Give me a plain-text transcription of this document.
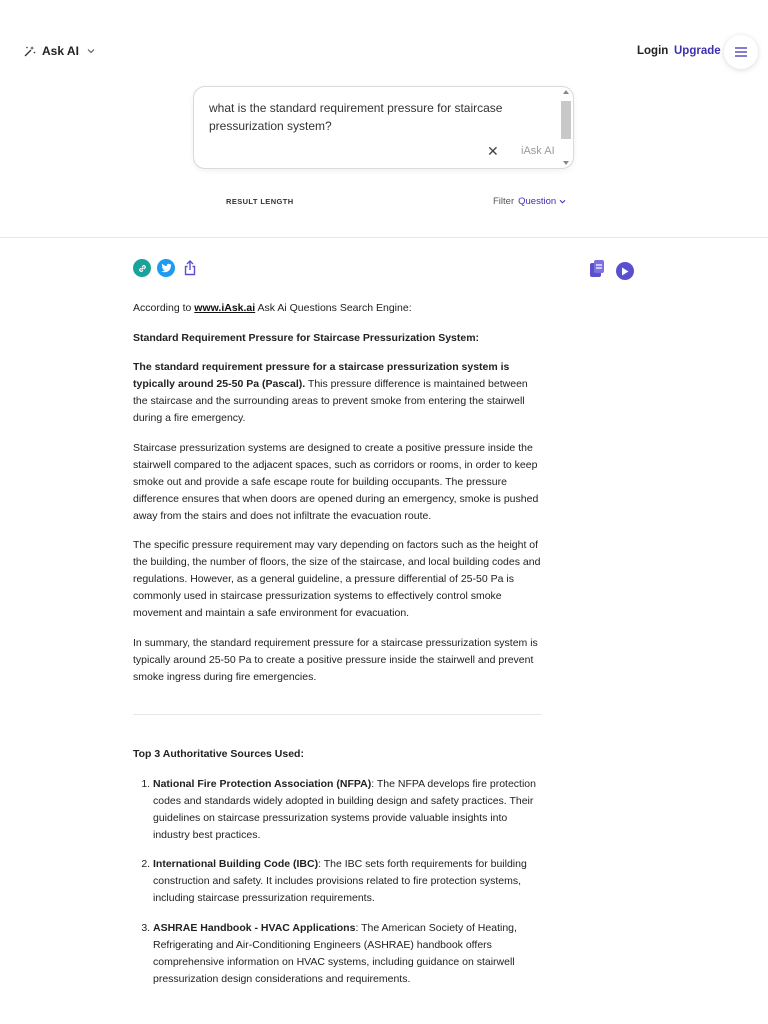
Ask AI	Login Upgrade
what is the standard requirement pressure for staircase pressurization system?
✕ iAsk AI
RESULT LENGTH	Filter Question

According to www.iAsk.ai Ask Ai Questions Search Engine:

Standard Requirement Pressure for Staircase Pressurization System:

The standard requirement pressure for a staircase pressurization system is typically around 25-50 Pa (Pascal). This pressure difference is maintained between the staircase and the surrounding areas to prevent smoke from entering the stairwell during a fire emergency.

Staircase pressurization systems are designed to create a positive pressure inside the stairwell compared to the adjacent spaces, such as corridors or rooms, in order to keep smoke out and provide a safe escape route for building occupants. The pressure difference ensures that when doors are opened during an emergency, smoke is pushed away from the stairs and does not infiltrate the evacuation route.

The specific pressure requirement may vary depending on factors such as the height of the building, the number of floors, the size of the staircase, and local building codes and regulations. However, as a general guideline, a pressure differential of 25-50 Pa is commonly used in staircase pressurization systems to effectively control smoke movement and maintain a safe environment for evacuation.

In summary, the standard requirement pressure for a staircase pressurization system is typically around 25-50 Pa to create a positive pressure inside the stairwell and prevent smoke ingress during fire emergencies.

Top 3 Authoritative Sources Used:
1. National Fire Protection Association (NFPA): The NFPA develops fire protection codes and standards widely adopted in building design and safety practices. Their guidelines on staircase pressurization systems provide valuable insights into industry best practices.
2. International Building Code (IBC): The IBC sets forth requirements for building construction and safety. It includes provisions related to fire protection systems, including staircase pressurization requirements.
3. ASHRAE Handbook - HVAC Applications: The American Society of Heating, Refrigerating and Air-Conditioning Engineers (ASHRAE) handbook offers comprehensive information on HVAC systems, including guidance on stairwell pressurization design considerations and requirements.
